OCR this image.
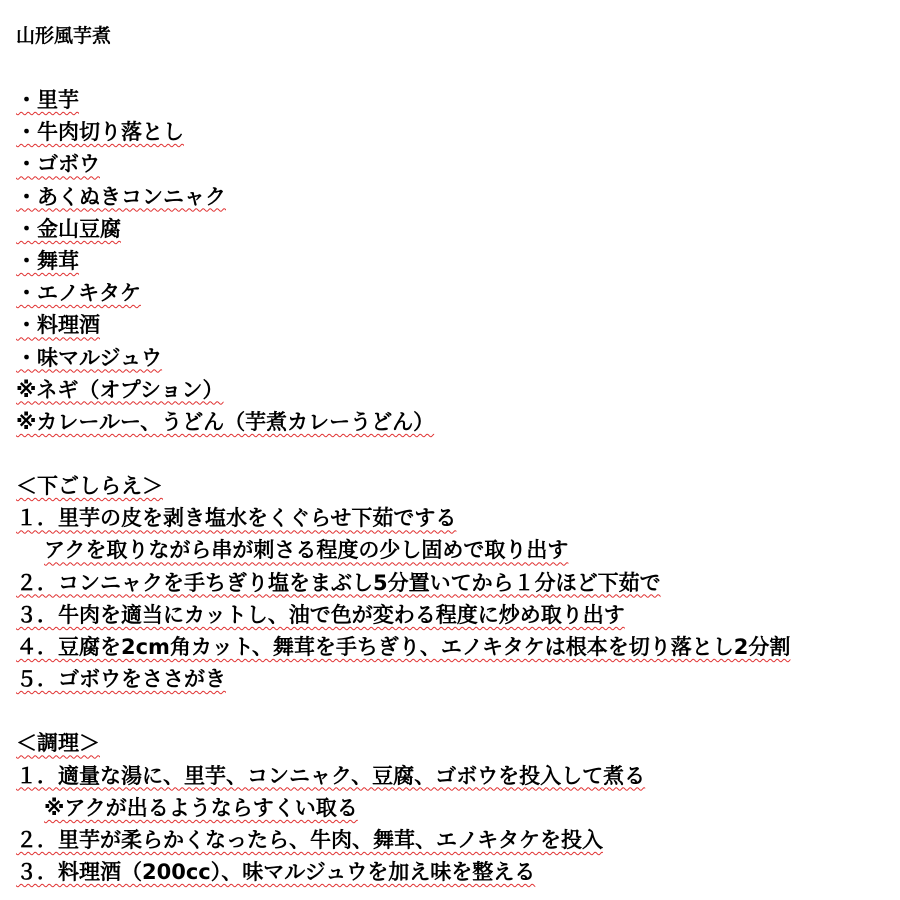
山形風芋煮
・里芋
・牛肉切り落とし
・ゴボウ
・あくぬきコンニャク
・金山豆腐
・舞茸
・エノキタケ
・料理酒
・味マルジュウ
※ネギ（オプション）
※カレールー、うどん（芋煮カレーうどん）
＜下ごしらえ＞
１．里芋の皮を剥き塩水をくぐらせ下茹でする
アクを取りながら串が刺さる程度の少し固めで取り出す
２．コンニャクを手ちぎり塩をまぶし5分置いてから１分ほど下茹で
３．牛肉を適当にカットし、油で色が変わる程度に炒め取り出す
４．豆腐を2cm角カット、舞茸を手ちぎり、エノキタケは根本を切り落とし2分割
５．ゴボウをささがき
＜調理＞
１．適量な湯に、里芋、コンニャク、豆腐、ゴボウを投入して煮る
※アクが出るようならすくい取る
２．里芋が柔らかくなったら、牛肉、舞茸、エノキタケを投入
３．料理酒（200cc）、味マルジュウを加え味を整える
